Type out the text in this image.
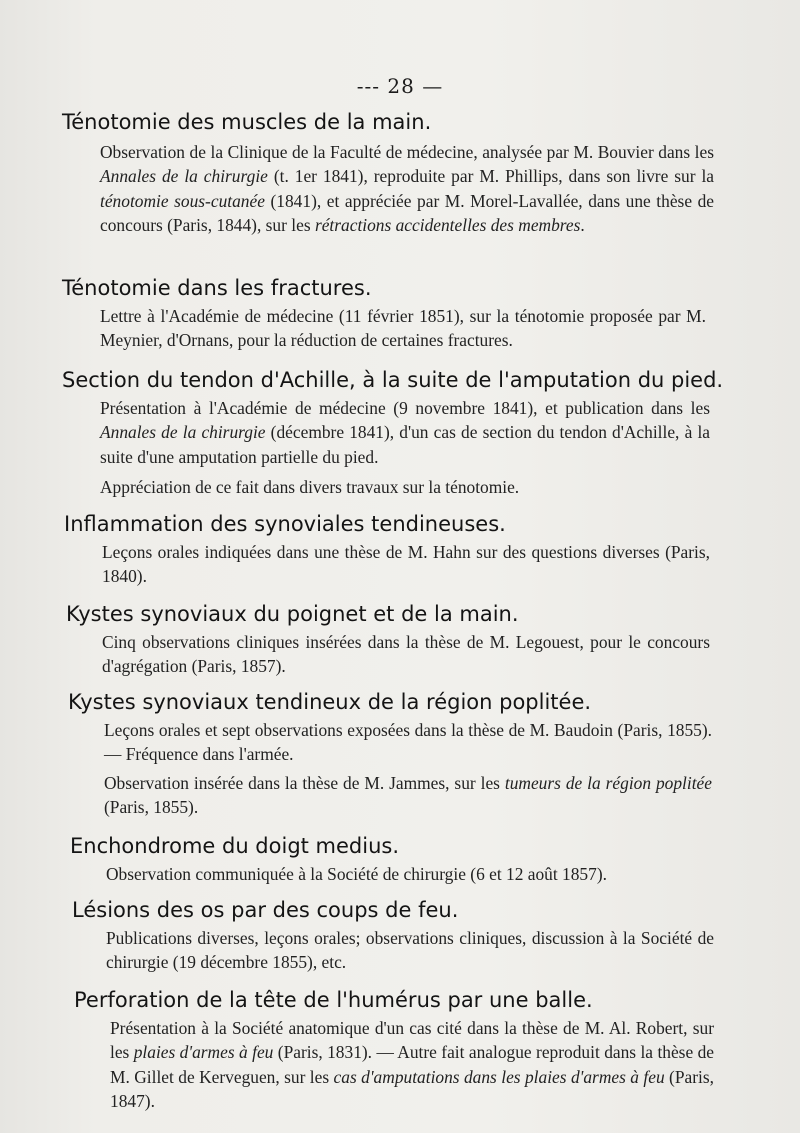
--- 28 —
Ténotomie des muscles de la main.
Observation de la Clinique de la Faculté de médecine, analysée par M. Bouvier dans les Annales de la chirurgie (t. 1er 1841), reproduite par M. Phillips, dans son livre sur la ténotomie sous-cutanée (1841), et appréciée par M. Morel-Lavallée, dans une thèse de concours (Paris, 1844), sur les rétractions accidentelles des membres.
Ténotomie dans les fractures.
Lettre à l'Académie de médecine (11 février 1851), sur la ténotomie proposée par M. Meynier, d'Ornans, pour la réduction de certaines fractures.
Section du tendon d'Achille, à la suite de l'amputation du pied.
Présentation à l'Académie de médecine (9 novembre 1841), et publication dans les Annales de la chirurgie (décembre 1841), d'un cas de section du tendon d'Achille, à la suite d'une amputation partielle du pied.
Appréciation de ce fait dans divers travaux sur la ténotomie.
Inflammation des synoviales tendineuses.
Leçons orales indiquées dans une thèse de M. Hahn sur des questions diverses (Paris, 1840).
Kystes synoviaux du poignet et de la main.
Cinq observations cliniques insérées dans la thèse de M. Legouest, pour le concours d'agrégation (Paris, 1857).
Kystes synoviaux tendineux de la région poplitée.
Leçons orales et sept observations exposées dans la thèse de M. Baudoin (Paris, 1855). — Fréquence dans l'armée.
Observation insérée dans la thèse de M. Jammes, sur les tumeurs de la région poplitée (Paris, 1855).
Enchondrome du doigt medius.
Observation communiquée à la Société de chirurgie (6 et 12 août 1857).
Lésions des os par des coups de feu.
Publications diverses, leçons orales; observations cliniques, discussion à la Société de chirurgie (19 décembre 1855), etc.
Perforation de la tête de l'humérus par une balle.
Présentation à la Société anatomique d'un cas cité dans la thèse de M. Al. Robert, sur les plaies d'armes à feu (Paris, 1831). — Autre fait analogue reproduit dans la thèse de M. Gillet de Kerveguen, sur les cas d'amputations dans les plaies d'armes à feu (Paris, 1847).
